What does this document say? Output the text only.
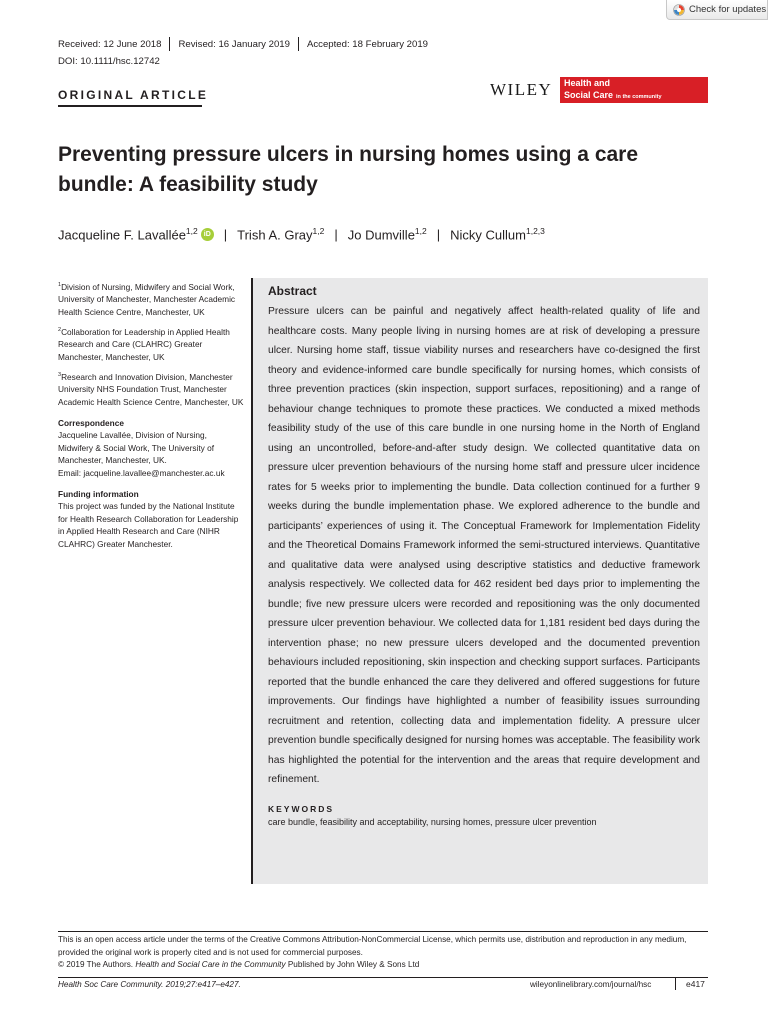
Check for updates
Received: 12 June 2018 Revised: 16 January 2019 Accepted: 18 February 2019
DOI: 10.1111/hsc.12742
ORIGINAL ARTICLE	WILEY Health and
Social Care in the community
Preventing pressure ulcers in nursing homes using a care bundle: A feasibility study
Jacqueline F. Lavallée$^{1,2}$ iD | Trish A. Gray$^{1,2}$ | Jo Dumville$^{1,2}$ | Nicky Cullum$^{1,2,3}$

$^1$Division of Nursing, Midwifery and Social Work, University of Manchester, Manchester Academic Health Science Centre, Manchester, UK

$^2$Collaboration for Leadership in Applied Health Research and Care (CLAHRC) Greater Manchester, Manchester, UK

$^3$Research and Innovation Division, Manchester University NHS Foundation Trust, Manchester Academic Health Science Centre, Manchester, UK

Correspondence

Jacqueline Lavallée, Division of Nursing, Midwifery & Social Work, The University of Manchester, Manchester, UK.

Email: jacqueline.lavallee@manchester.ac.uk

Funding information

This project was funded by the National Institute for Health Research Collaboration for Leadership in Applied Health Research and Care (NIHR CLAHRC) Greater Manchester.

Abstract

Pressure ulcers can be painful and negatively affect health-related quality of life and healthcare costs. Many people living in nursing homes are at risk of developing a pressure ulcer. Nursing home staff, tissue viability nurses and researchers have co-designed the first theory and evidence-informed care bundle specifically for nursing homes, which consists of three prevention practices (skin inspection, support surfaces, repositioning) and a range of behaviour change techniques to promote these practices. We conducted a mixed methods feasibility study of the use of this care bundle in one nursing home in the North of England using an uncontrolled, before-and-after study design. We collected quantitative data on pressure ulcer prevention behaviours of the nursing home staff and pressure ulcer incidence rates for 5 weeks prior to implementing the bundle. Data collection continued for a further 9 weeks during the bundle implementation phase. We explored adherence to the bundle and participants’ experiences of using it. The Conceptual Framework for Implementation Fidelity and the Theoretical Domains Framework informed the semi-structured interviews. Quantitative and qualitative data were analysed using descriptive statistics and deductive framework analysis respectively. We collected data for 462 resident bed days prior to implementing the bundle; five new pressure ulcers were recorded and repositioning was the only documented pressure ulcer prevention behaviour. We collected data for 1,181 resident bed days during the intervention phase; no new pressure ulcers developed and the documented prevention behaviours included repositioning, skin inspection and checking support surfaces. Participants reported that the bundle enhanced the care they delivered and offered suggestions for future improvements. Our findings have highlighted a number of feasibility issues surrounding recruitment and retention, collecting data and implementation fidelity. A pressure ulcer prevention bundle specifically designed for nursing homes was acceptable. The feasibility work has highlighted the potential for the intervention and the areas that require development and refinement.

KEYWORDS
care bundle, feasibility and acceptability, nursing homes, pressure ulcer prevention

This is an open access article under the terms of the Creative Commons Attribution-NonCommercial License, which permits use, distribution and reproduction in any medium, provided the original work is properly cited and is not used for commercial purposes.

© 2019 The Authors. Health and Social Care in the Community Published by John Wiley & Sons Ltd

Health Soc Care Community. 2019;27:e417–e427.	wileyonlinelibrary.com/journal/hsc	e417
